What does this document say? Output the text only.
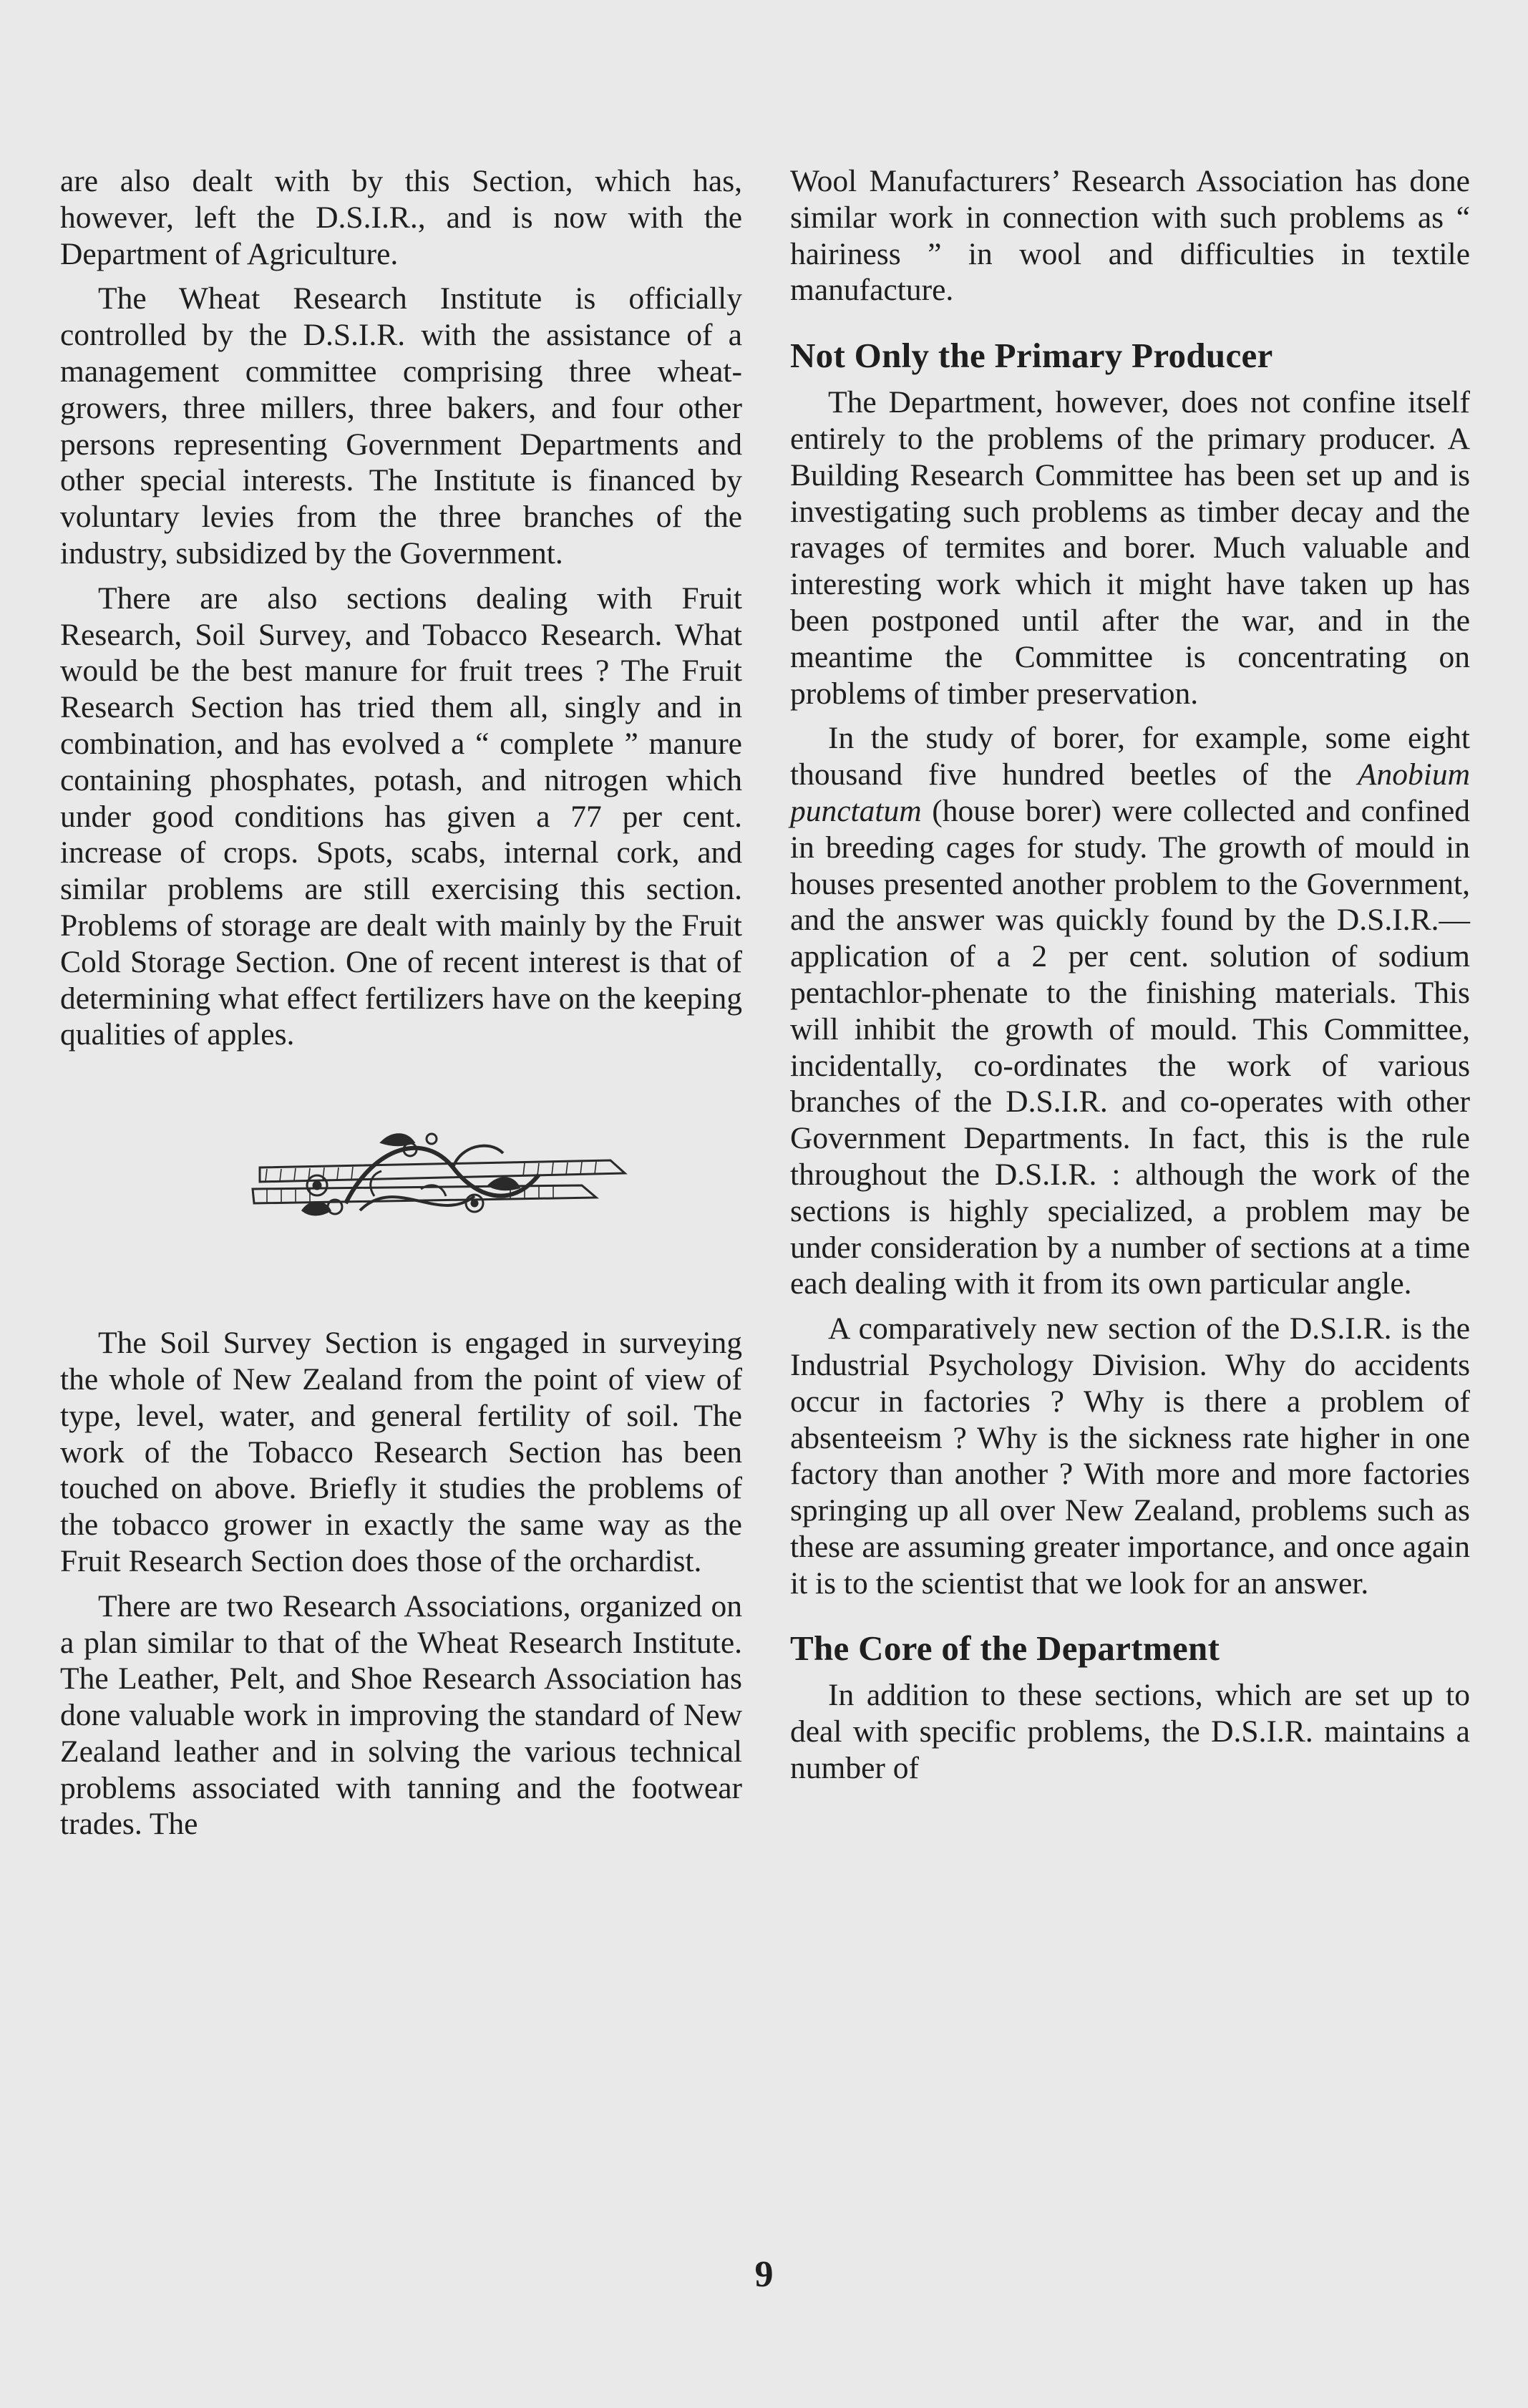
are also dealt with by this Section, which has, however, left the D.S.I.R., and is now with the Department of Agriculture.

The Wheat Research Institute is officially controlled by the D.S.I.R. with the assistance of a management committee comprising three wheat-growers, three millers, three bakers, and four other persons representing Government Departments and other special interests. The Institute is financed by voluntary levies from the three branches of the industry, subsidized by the Government.

There are also sections dealing with Fruit Research, Soil Survey, and Tobacco Research. What would be the best manure for fruit trees ? The Fruit Research Section has tried them all, singly and in combination, and has evolved a “ complete ” manure containing phosphates, potash, and nitrogen which under good conditions has given a 77 per cent. increase of crops. Spots, scabs, internal cork, and similar problems are still exercising this section. Problems of storage are dealt with mainly by the Fruit Cold Storage Section. One of recent interest is that of determining what effect fertilizers have on the keeping qualities of apples.

The Soil Survey Section is engaged in surveying the whole of New Zealand from the point of view of type, level, water, and general fertility of soil. The work of the Tobacco Research Section has been touched on above. Briefly it studies the problems of the tobacco grower in exactly the same way as the Fruit Research Section does those of the orchardist.

There are two Research Associations, organized on a plan similar to that of the Wheat Research Institute. The Leather, Pelt, and Shoe Research Association has done valuable work in improving the standard of New Zealand leather and in solving the various technical problems associated with tanning and the footwear trades. The

Wool Manufacturers’ Research Association has done similar work in connection with such problems as “ hairiness ” in wool and difficulties in textile manufacture.

Not Only the Primary Producer

The Department, however, does not confine itself entirely to the problems of the primary producer. A Building Research Committee has been set up and is investigating such problems as timber decay and the ravages of termites and borer. Much valuable and interesting work which it might have taken up has been postponed until after the war, and in the meantime the Committee is concentrating on problems of timber preservation.

In the study of borer, for example, some eight thousand five hundred beetles of the Anobium punctatum (house borer) were collected and confined in breeding cages for study. The growth of mould in houses presented another problem to the Government, and the answer was quickly found by the D.S.I.R.—application of a 2 per cent. solution of sodium pentachlor-phenate to the finishing materials. This will inhibit the growth of mould. This Committee, incidentally, co-ordinates the work of various branches of the D.S.I.R. and co-operates with other Government Departments. In fact, this is the rule throughout the D.S.I.R. : although the work of the sections is highly specialized, a problem may be under consideration by a number of sections at a time each dealing with it from its own particular angle.

A comparatively new section of the D.S.I.R. is the Industrial Psychology Division. Why do accidents occur in factories ? Why is there a problem of absenteeism ? Why is the sickness rate higher in one factory than another ? With more and more factories springing up all over New Zealand, problems such as these are assuming greater importance, and once again it is to the scientist that we look for an answer.

The Core of the Department

In addition to these sections, which are set up to deal with specific problems, the D.S.I.R. maintains a number of

9
